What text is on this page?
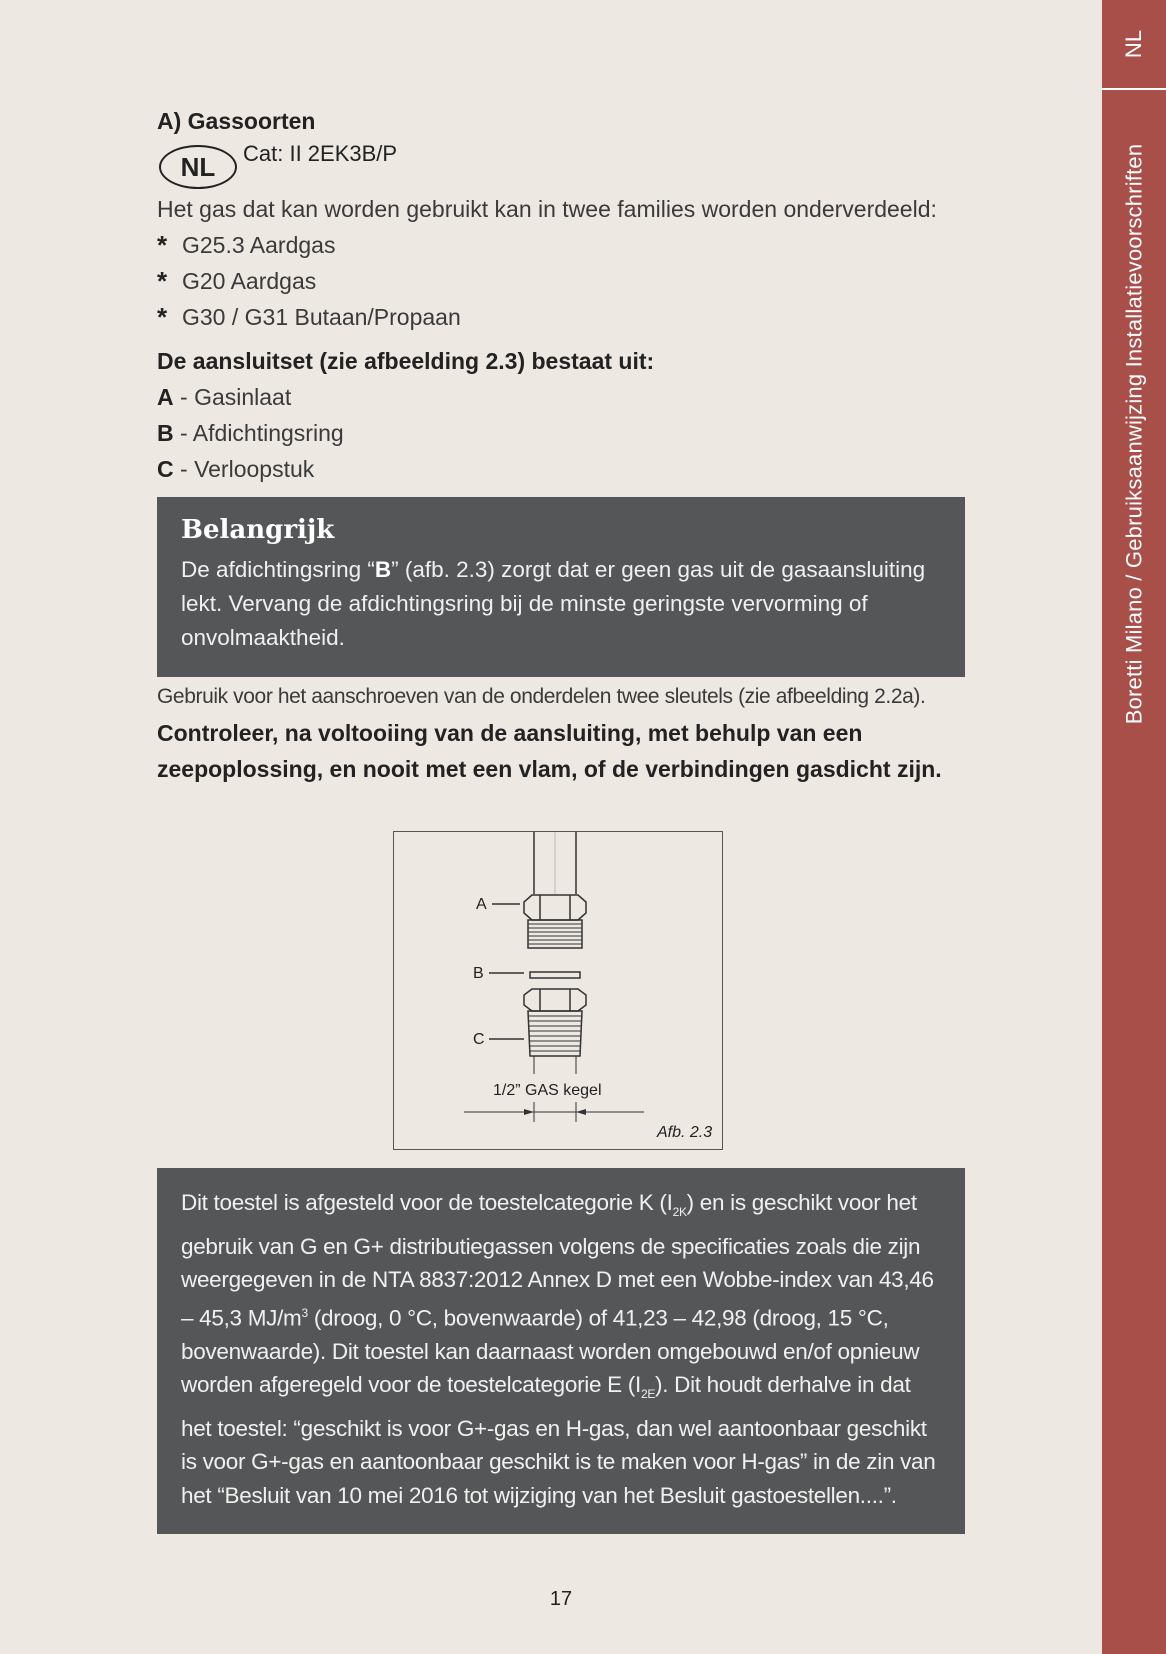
NL
Boretti Milano / Gebruiksaanwijzing Installatievoorschriften
A) Gassoorten
NL	Cat: II 2EK3B/P

Het gas dat kan worden gebruikt kan in twee families worden onderverdeeld:

* G25.3 Aardgas
* G20 Aardgas
* G30 / G31 Butaan/Propaan
De aansluitset (zie afbeelding 2.3) bestaat uit:
A - Gasinlaat
B - Afdichtingsring
C - Verloopstuk
Belangrijk

De afdichtingsring “B” (afb. 2.3) zorgt dat er geen gas uit de gasaansluiting lekt. Vervang de afdichtingsring bij de minste geringste vervorming of onvolmaaktheid.

Gebruik voor het aanschroeven van de onderdelen twee sleutels (zie afbeelding 2.2a).

Controleer, na voltooiing van de aansluiting, met behulp van een zeepoplossing, en nooit met een vlam, of de verbindingen gasdicht zijn.

A
B
C
1/2” GAS kegel
Afb. 2.3

Dit toestel is afgesteld voor de toestelcategorie K $(I_{2K})$ en is geschikt voor het gebruik van G en G+ distributiegassen volgens de specificaties zoals die zijn weergegeven in de NTA 8837:2012 Annex D met een Wobbe-index van 43,46 – 45,3 $MJ/m^3$ (droog, 0 °C, bovenwaarde) of 41,23 – 42,98 (droog, 15 °C, bovenwaarde). Dit toestel kan daarnaast worden omgebouwd en/of opnieuw worden afgeregeld voor de toestelcategorie E $(I_{2E})$. Dit houdt derhalve in dat het toestel: “geschikt is voor G+-gas en H-gas, dan wel aantoonbaar geschikt is voor G+-gas en aantoonbaar geschikt is te maken voor H-gas” in de zin van het “Besluit van 10 mei 2016 tot wijziging van het Besluit gastoestellen....”.

17
